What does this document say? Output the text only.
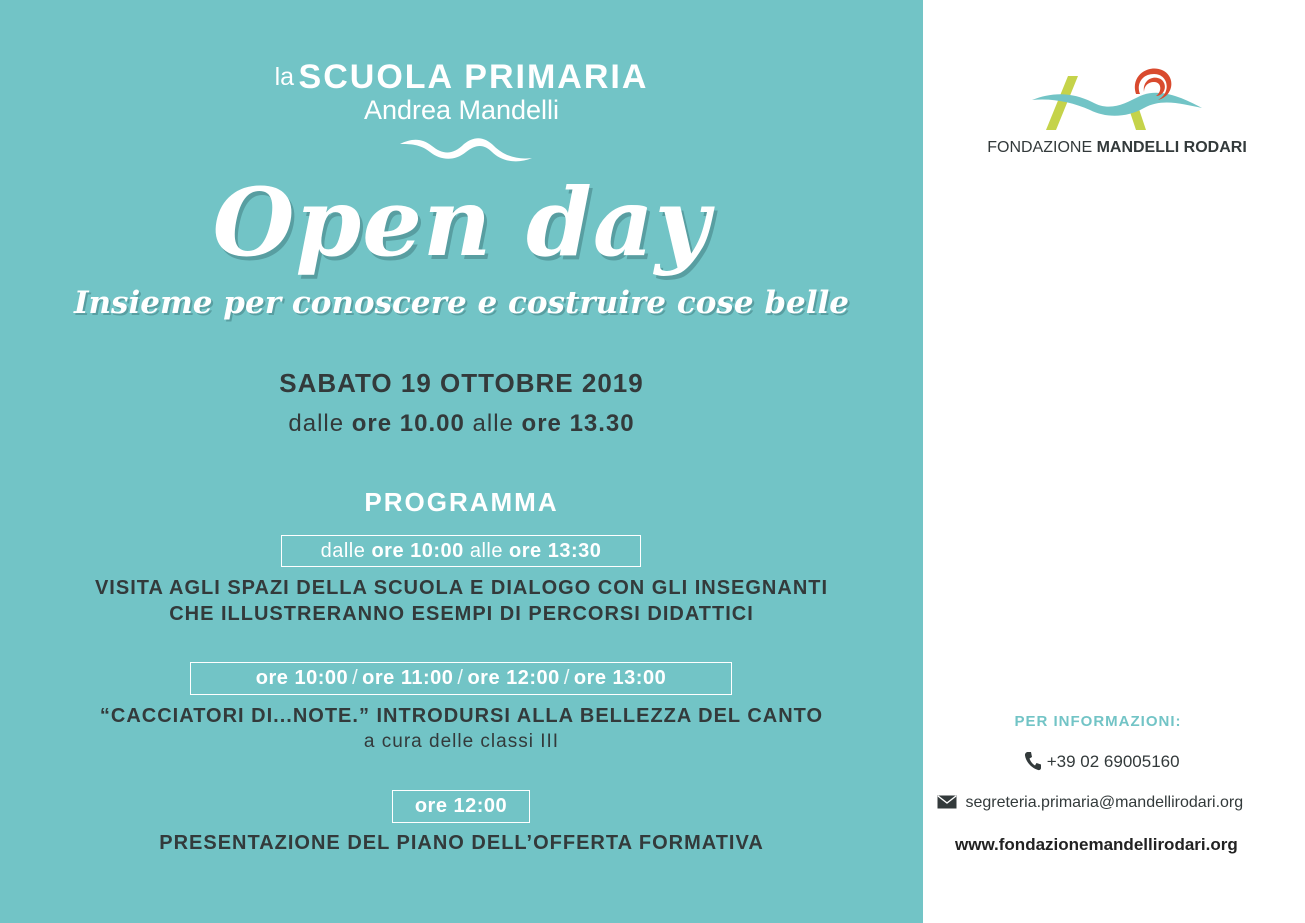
la SCUOLA PRIMARIA
Andrea Mandelli
Open day
Insieme per conoscere e costruire cose belle
SABATO 19 OTTOBRE 2019
dalle ore 10.00 alle ore 13.30
PROGRAMMA
dalle ore 10:00 alle ore 13:30
VISITA AGLI SPAZI DELLA SCUOLA E DIALOGO CON GLI INSEGNANTI
CHE ILLUSTRERANNO ESEMPI DI PERCORSI DIDATTICI
ore 10:00 / ore 11:00 / ore 12:00 / ore 13:00
“CACCIATORI DI...NOTE.” INTRODURSI ALLA BELLEZZA DEL CANTO
a cura delle classi III
ore 12:00
PRESENTAZIONE DEL PIANO DELL’OFFERTA FORMATIVA
FONDAZIONE MANDELLI RODARI
PER INFORMAZIONI:
+39 02 69005160
segreteria.primaria@mandellirodari.org
www.fondazionemandellirodari.org
